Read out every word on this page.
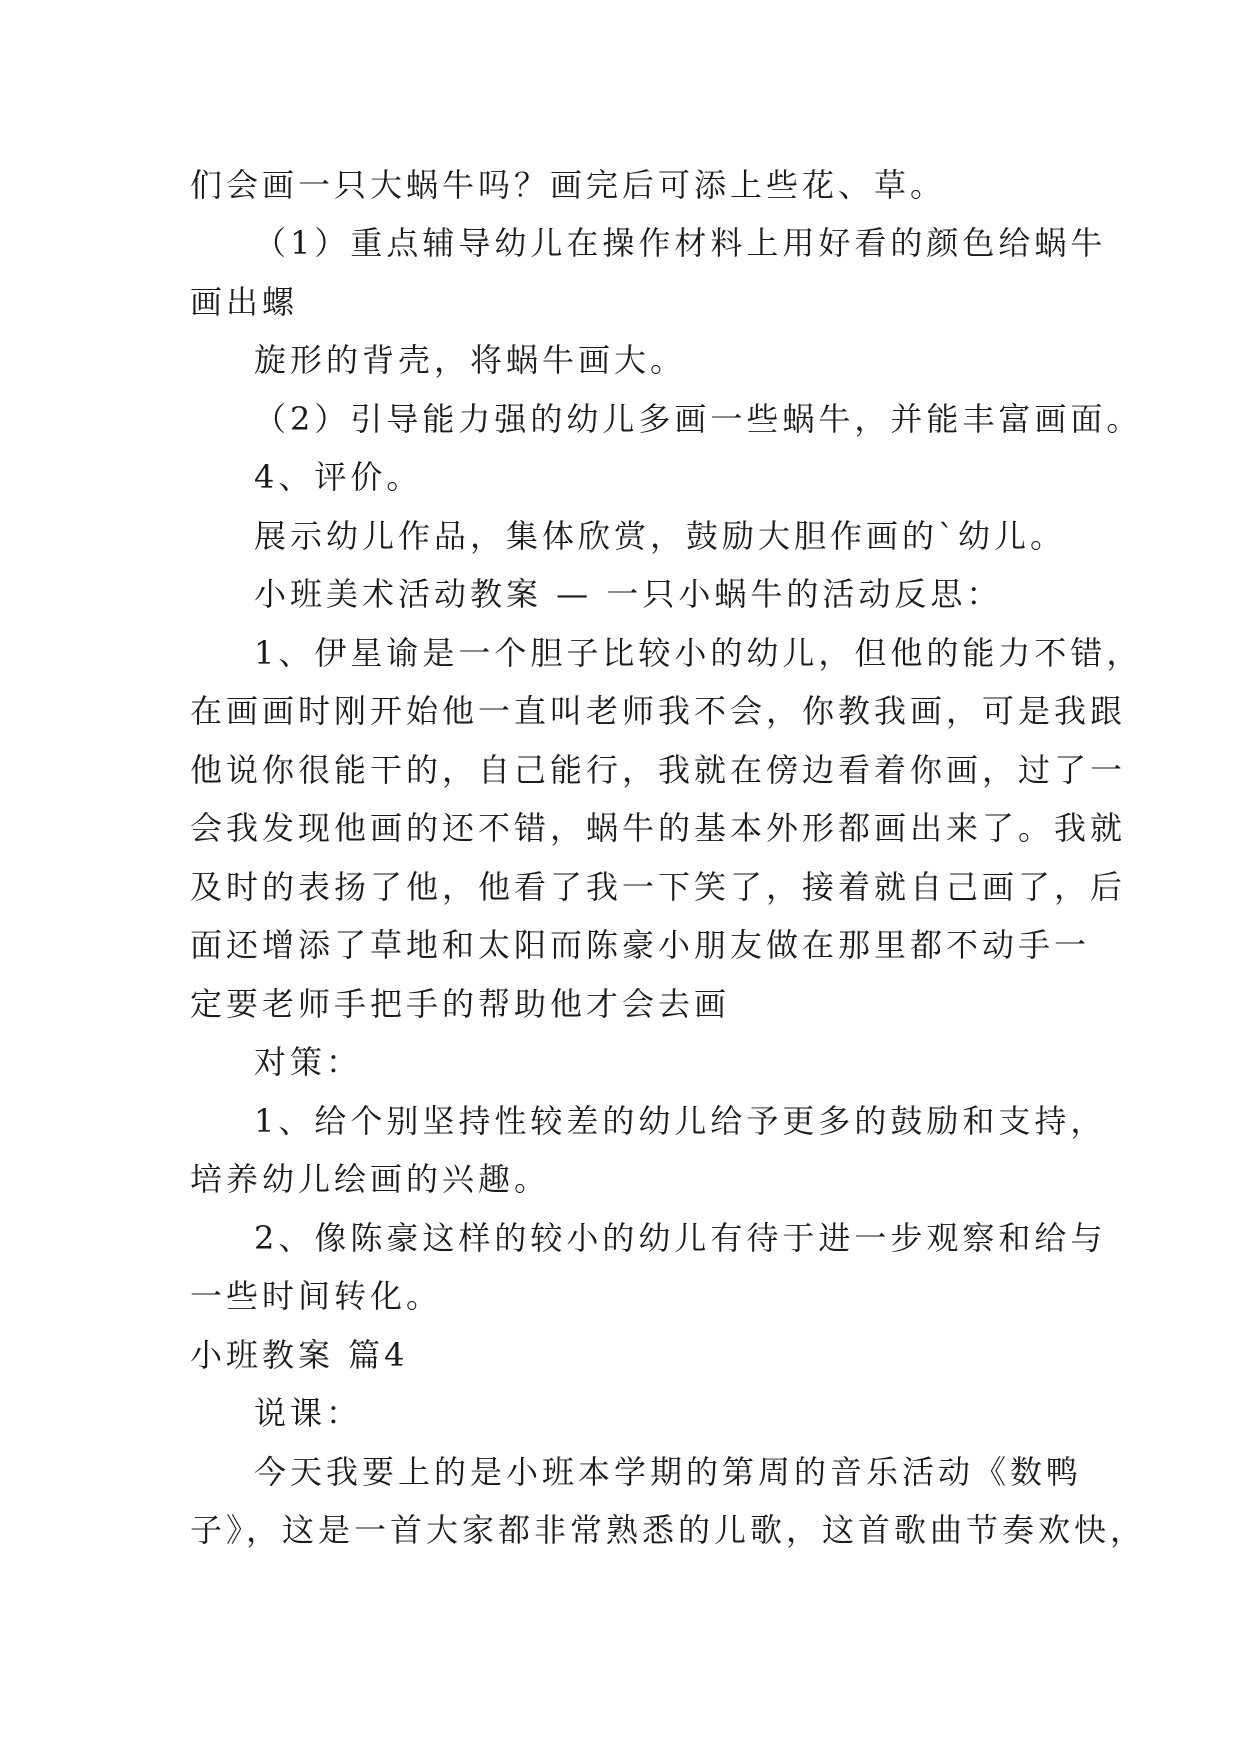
们会画一只大蜗牛吗？画完后可添上些花、草。
（1）重点辅导幼儿在操作材料上用好看的颜色给蜗牛
画出螺
旋形的背壳，将蜗牛画大。
（2）引导能力强的幼儿多画一些蜗牛，并能丰富画面。
4、评价。
展示幼儿作品，集体欣赏，鼓励大胆作画的`幼儿。
小班美术活动教案 — 一只小蜗牛的活动反思：
1、伊星谕是一个胆子比较小的幼儿，但他的能力不错，
在画画时刚开始他一直叫老师我不会，你教我画，可是我跟
他说你很能干的，自己能行，我就在傍边看着你画，过了一
会我发现他画的还不错，蜗牛的基本外形都画出来了。我就
及时的表扬了他，他看了我一下笑了，接着就自己画了，后
面还增添了草地和太阳而陈豪小朋友做在那里都不动手一
定要老师手把手的帮助他才会去画
对策：
1、给个别坚持性较差的幼儿给予更多的鼓励和支持，
培养幼儿绘画的兴趣。
2、像陈豪这样的较小的幼儿有待于进一步观察和给与
一些时间转化。
小班教案 篇4
说课：
今天我要上的是小班本学期的第周的音乐活动《数鸭
子》，这是一首大家都非常熟悉的儿歌，这首歌曲节奏欢快，
